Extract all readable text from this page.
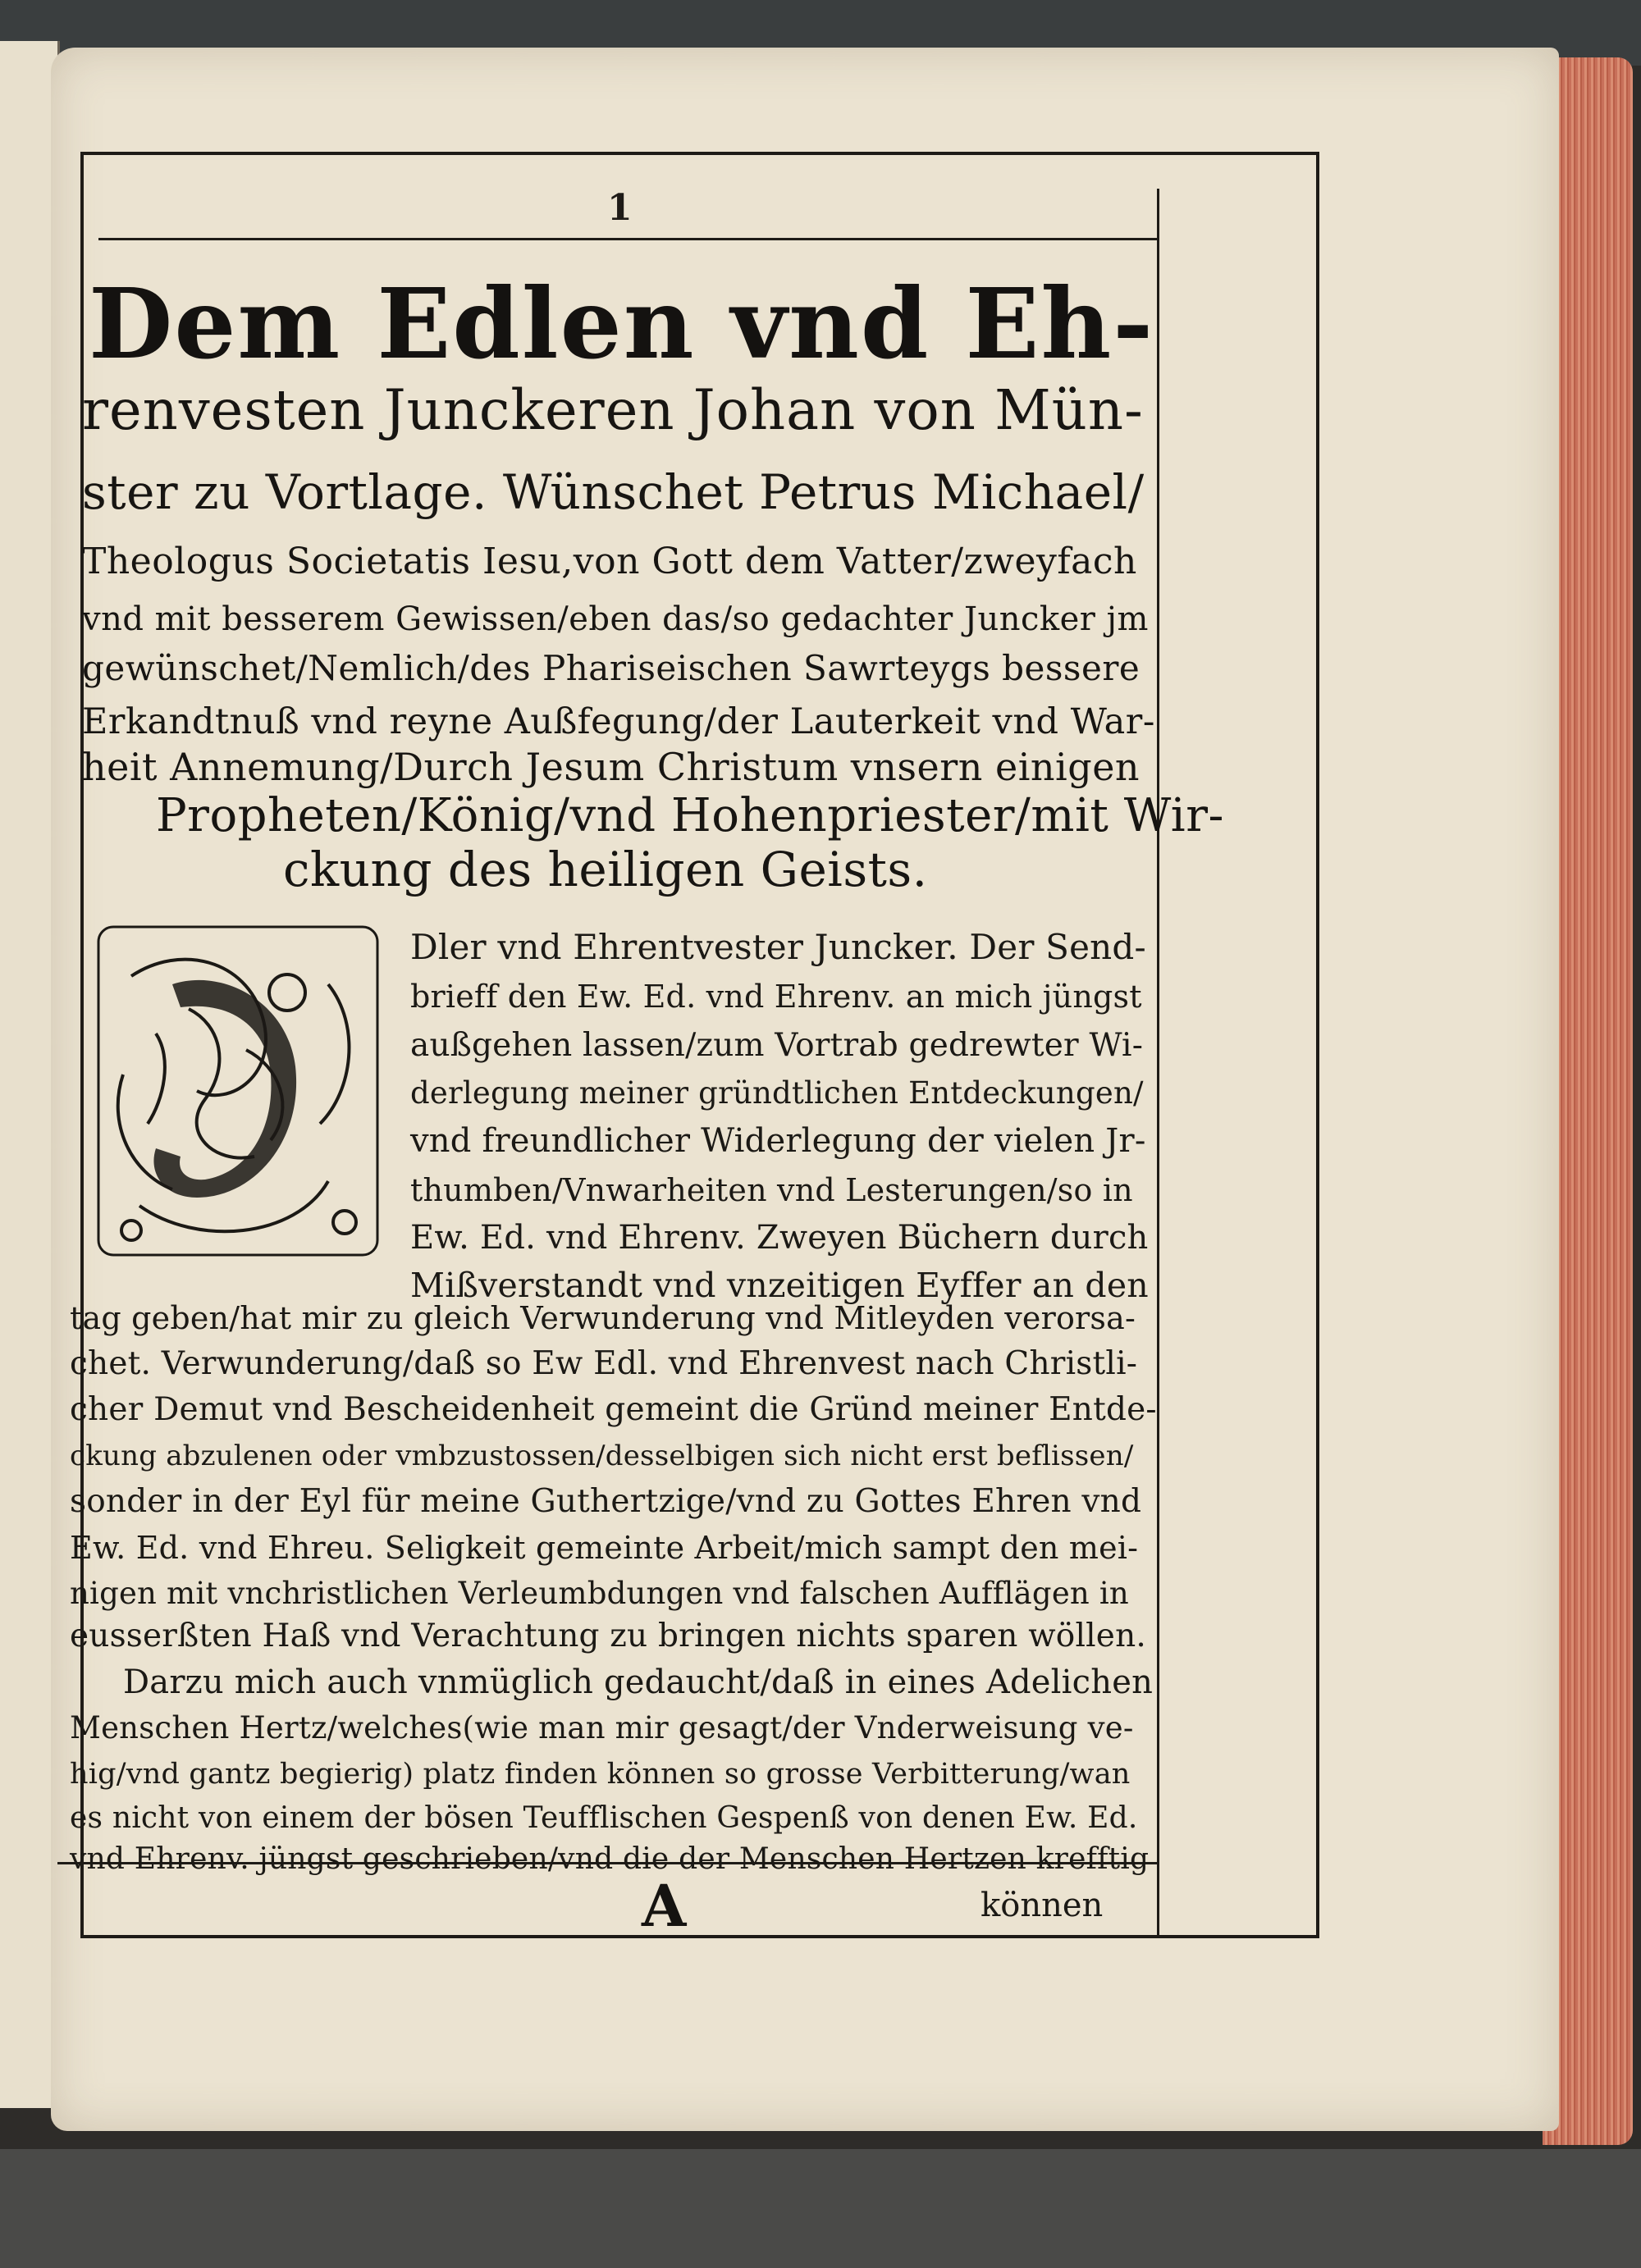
1
Dem Edlen vnd Eh-
renvesten Junckeren Johan von Mün-
ster zu Vortlage. Wünschet Petrus Michael/
Theologus Societatis Iesu,von Gott dem Vatter/zweyfach
vnd mit besserem Gewissen/eben das/so gedachter Juncker jm
gewünschet/Nemlich/des Phariseischen Sawrteygs bessere
Erkandtnuß vnd reyne Außfegung/der Lauterkeit vnd War-
heit Annemung/Durch Jesum Christum vnsern einigen
Propheten/König/vnd Hohenpriester/mit Wir-
ckung des heiligen Geists.
E
Dler vnd Ehrentvester Juncker. Der Send-
brieff den Ew. Ed. vnd Ehrenv. an mich jüngst
außgehen lassen/zum Vortrab gedrewter Wi-
derlegung meiner gründtlichen Entdeckungen/
vnd freundlicher Widerlegung der vielen Jr-
thumben/Vnwarheiten vnd Lesterungen/so in
Ew. Ed. vnd Ehrenv. Zweyen Büchern durch
Mißverstandt vnd vnzeitigen Eyffer an den
tag geben/hat mir zu gleich Verwunderung vnd Mitleyden verorsa-
chet. Verwunderung/daß so Ew Edl. vnd Ehrenvest nach Christli-
cher Demut vnd Bescheidenheit gemeint die Gründ meiner Entde-
ckung abzulenen oder vmbzustossen/desselbigen sich nicht erst beflissen/
sonder in der Eyl für meine Guthertzige/vnd zu Gottes Ehren vnd
Ew. Ed. vnd Ehreu. Seligkeit gemeinte Arbeit/mich sampt den mei-
nigen mit vnchristlichen Verleumbdungen vnd falschen Aufflägen in
eusserßten Haß vnd Verachtung zu bringen nichts sparen wöllen.
Darzu mich auch vnmüglich gedaucht/daß in eines Adelichen
Menschen Hertz/welches(wie man mir gesagt/der Vnderweisung ve-
hig/vnd gantz begierig) platz finden können so grosse Verbitterung/wan
es nicht von einem der bösen Teufflischen Gespenß von denen Ew. Ed.
vnd Ehrenv. jüngst geschrieben/vnd die der Menschen Hertzen krefftig
A	können
